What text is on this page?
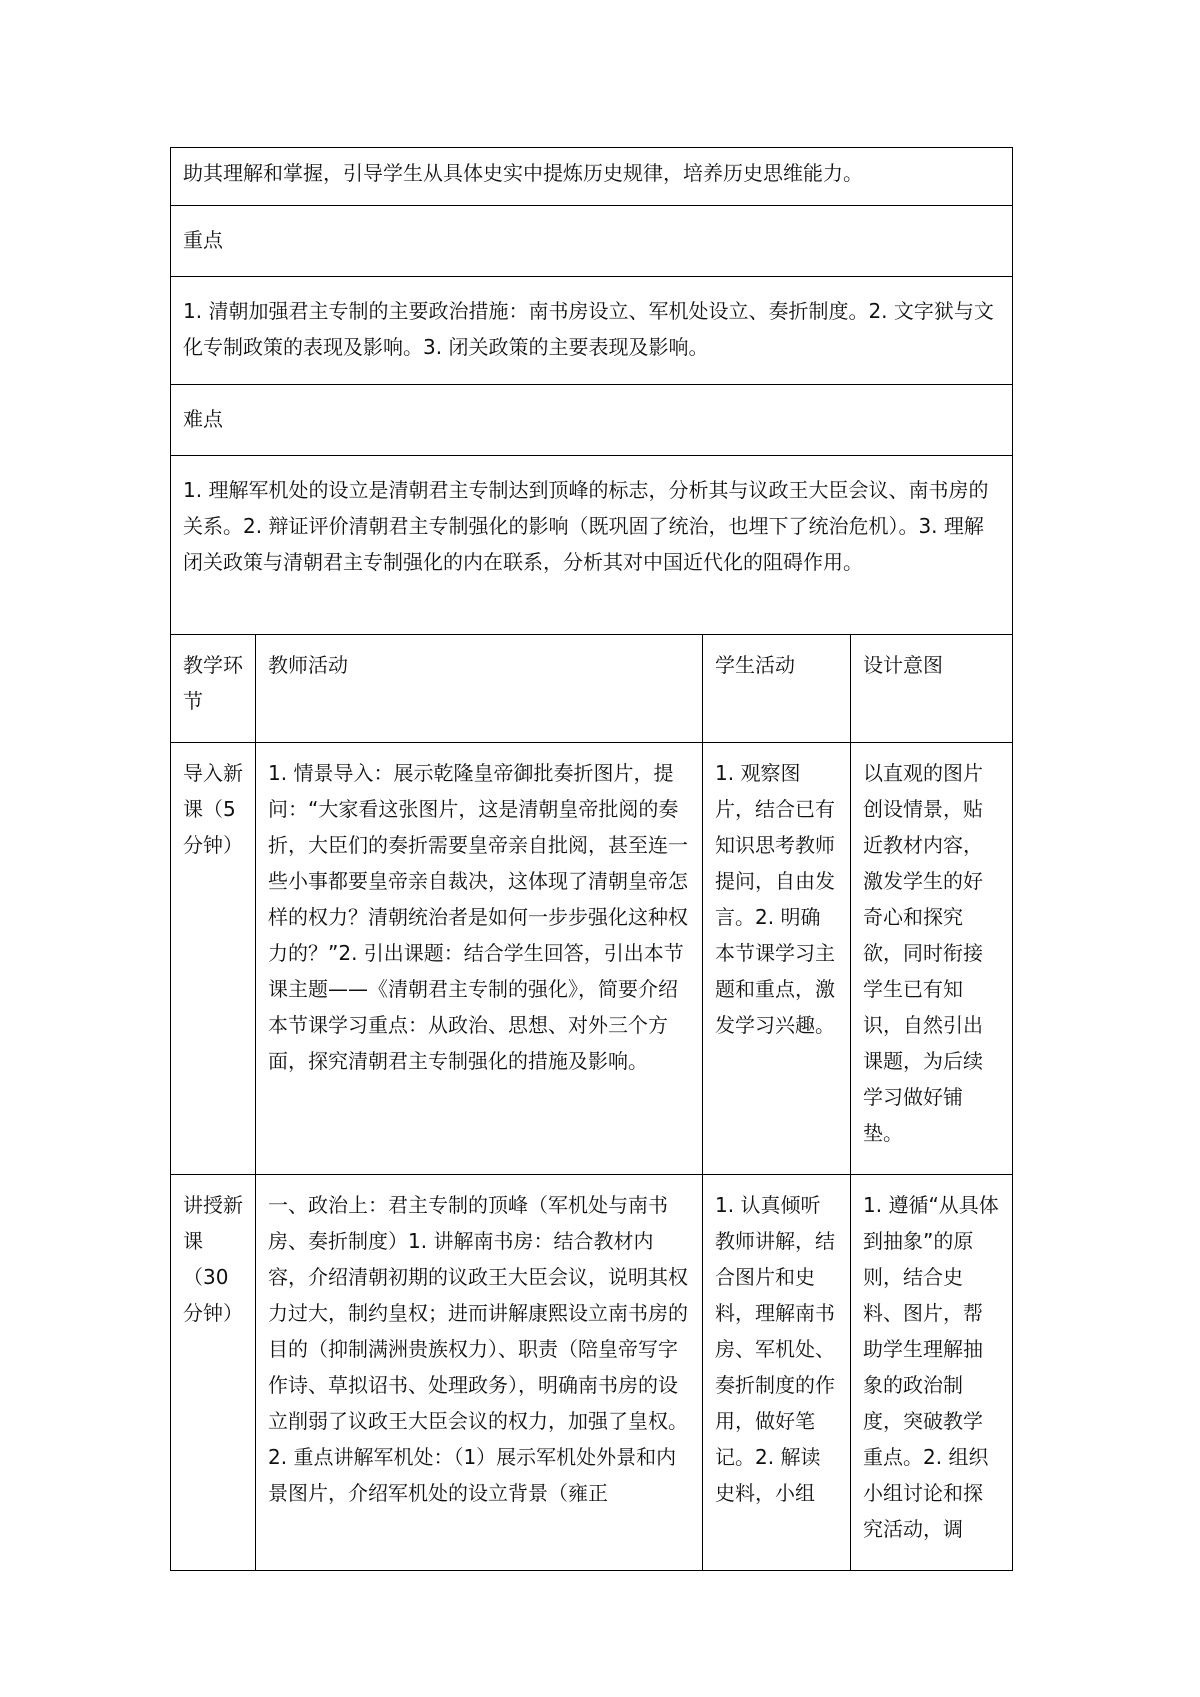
助其理解和掌握，引导学生从具体史实中提炼历史规律，培养历史思维能力。
重点
1. 清朝加强君主专制的主要政治措施：南书房设立、军机处设立、奏折制度。2. 文字狱与文化专制政策的表现及影响。3. 闭关政策的主要表现及影响。
难点
1. 理解军机处的设立是清朝君主专制达到顶峰的标志，分析其与议政王大臣会议、南书房的关系。2. 辩证评价清朝君主专制强化的影响（既巩固了统治，也埋下了统治危机）。3. 理解闭关政策与清朝君主专制强化的内在联系，分析其对中国近代化的阻碍作用。

教学环节

教师活动	学生活动	设计意图

导入新课（5分钟）

1. 情景导入：展示乾隆皇帝御批奏折图片，提问：“大家看这张图片，这是清朝皇帝批阅的奏折，大臣们的奏折需要皇帝亲自批阅，甚至连一些小事都要皇帝亲自裁决，这体现了清朝皇帝怎样的权力？清朝统治者是如何一步步强化这种权力的？”2. 引出课题：结合学生回答，引出本节课主题——《清朝君主专制的强化》，简要介绍本节课学习重点：从政治、思想、对外三个方面，探究清朝君主专制强化的措施及影响。

1. 观察图片，结合已有知识思考教师提问，自由发言。2. 明确本节课学习主题和重点，激发学习兴趣。

以直观的图片创设情景，贴近教材内容，激发学生的好奇心和探究欲，同时衔接学生已有知识，自然引出课题，为后续学习做好铺垫。

讲授新课（30分钟）

一、政治上：君主专制的顶峰（军机处与南书房、奏折制度）1. 讲解南书房：结合教材内容，介绍清朝初期的议政王大臣会议，说明其权力过大，制约皇权；进而讲解康熙设立南书房的目的（抑制满洲贵族权力）、职责（陪皇帝写字作诗、草拟诏书、处理政务），明确南书房的设立削弱了议政王大臣会议的权力，加强了皇权。2. 重点讲解军机处：（1）展示军机处外景和内景图片，介绍军机处的设立背景（雍正

1. 认真倾听教师讲解，结合图片和史料，理解南书房、军机处、奏折制度的作用，做好笔记。2. 解读史料，小组

1. 遵循“从具体到抽象”的原则，结合史料、图片，帮助学生理解抽象的政治制度，突破教学重点。2. 组织小组讨论和探究活动，调
